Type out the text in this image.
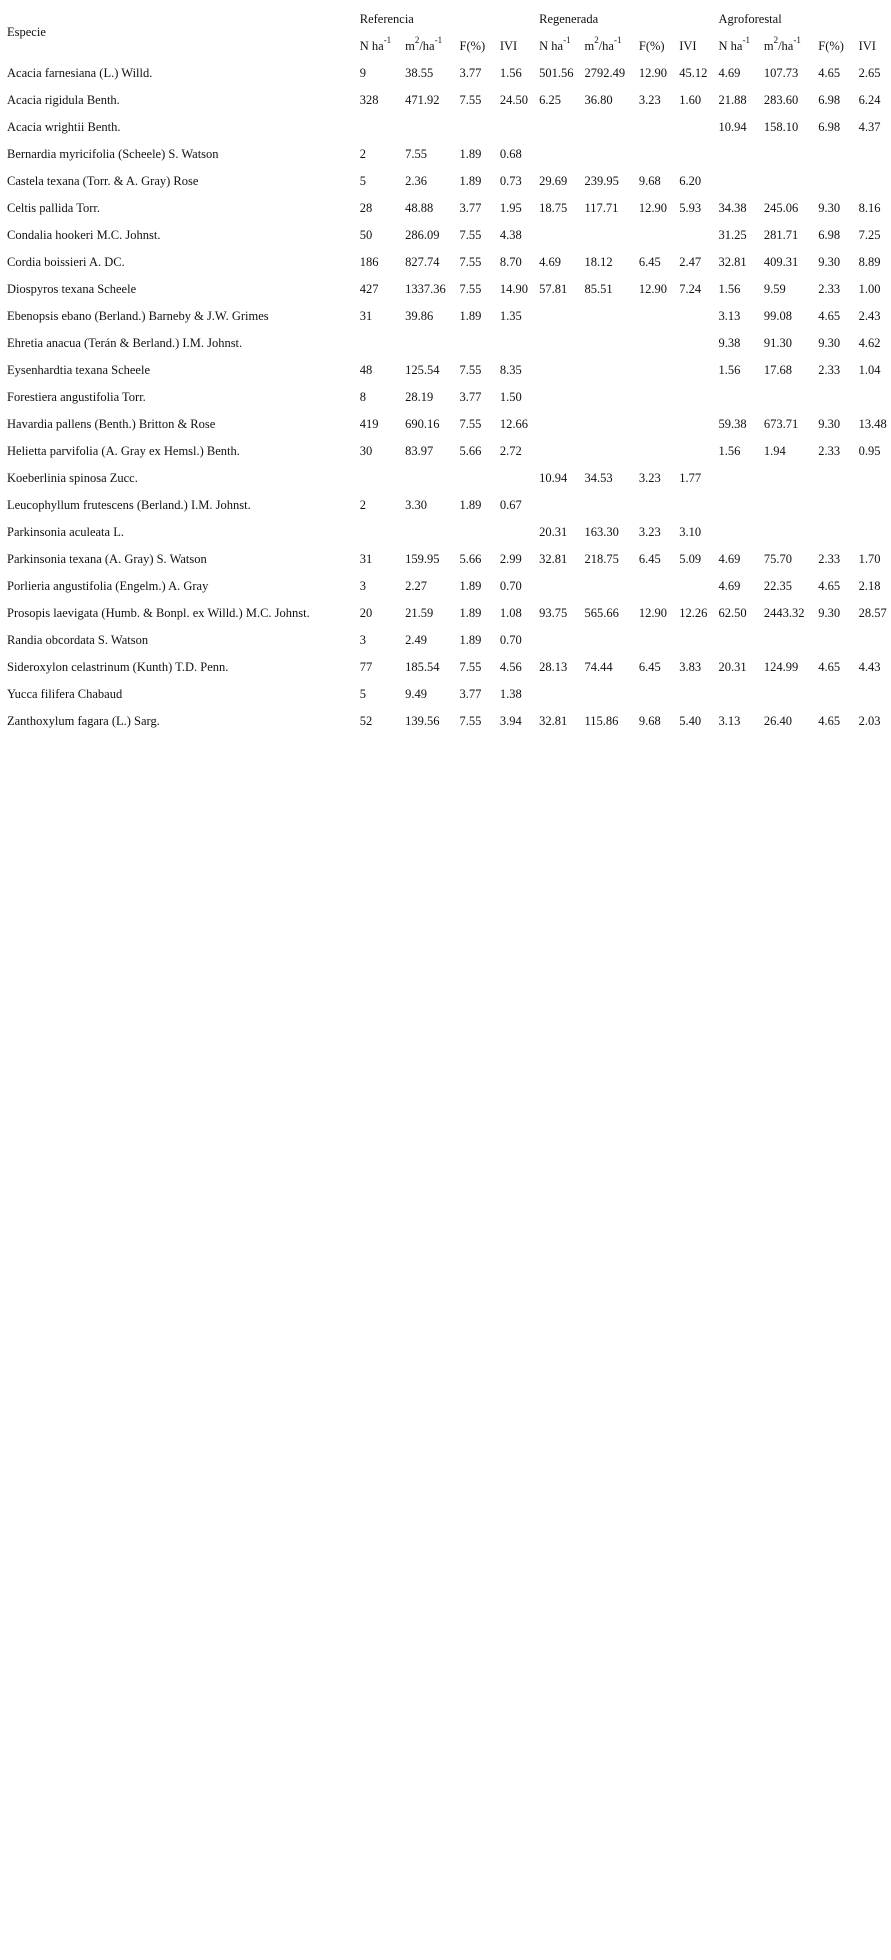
Especie	Referencia				Regenerada				Agroforestal			
	N $ha^{-1}$	$m^2/ha^{-1}$	F(%)	IVI	N $ha^{-1}$	$m^2/ha^{-1}$	F(%)	IVI	N $ha^{-1}$	$m^2/ha^{-1}$	F(%)	IVI
Acacia farnesiana (L.) Willd.	9	38.55	3.77	1.56	501.56	2792.49	12.90	45.12	4.69	107.73	4.65	2.65
Acacia rigidula Benth.	328	471.92	7.55	24.50	6.25	36.80	3.23	1.60	21.88	283.60	6.98	6.24
Acacia wrightii Benth.									10.94	158.10	6.98	4.37
Bernardia myricifolia (Scheele) S. Watson	2	7.55	1.89	0.68								
Castela texana (Torr. & A. Gray) Rose	5	2.36	1.89	0.73	29.69	239.95	9.68	6.20				
Celtis pallida Torr.	28	48.88	3.77	1.95	18.75	117.71	12.90	5.93	34.38	245.06	9.30	8.16
Condalia hookeri M.C. Johnst.	50	286.09	7.55	4.38					31.25	281.71	6.98	7.25
Cordia boissieri A. DC.	186	827.74	7.55	8.70	4.69	18.12	6.45	2.47	32.81	409.31	9.30	8.89
Diospyros texana Scheele	427	1337.36	7.55	14.90	57.81	85.51	12.90	7.24	1.56	9.59	2.33	1.00
Ebenopsis ebano (Berland.) Barneby & J.W. Grimes	31	39.86	1.89	1.35					3.13	99.08	4.65	2.43
Ehretia anacua (Terán & Berland.) I.M. Johnst.									9.38	91.30	9.30	4.62
Eysenhardtia texana Scheele	48	125.54	7.55	8.35					1.56	17.68	2.33	1.04
Forestiera angustifolia Torr.	8	28.19	3.77	1.50								
Havardia pallens (Benth.) Britton & Rose	419	690.16	7.55	12.66					59.38	673.71	9.30	13.48
Helietta parvifolia (A. Gray ex Hemsl.) Benth.	30	83.97	5.66	2.72					1.56	1.94	2.33	0.95
Koeberlinia spinosa Zucc.					10.94	34.53	3.23	1.77				
Leucophyllum frutescens (Berland.) I.M. Johnst.	2	3.30	1.89	0.67								
Parkinsonia aculeata L.					20.31	163.30	3.23	3.10				
Parkinsonia texana (A. Gray) S. Watson	31	159.95	5.66	2.99	32.81	218.75	6.45	5.09	4.69	75.70	2.33	1.70
Porlieria angustifolia (Engelm.) A. Gray	3	2.27	1.89	0.70					4.69	22.35	4.65	2.18
Prosopis laevigata (Humb. & Bonpl. ex Willd.) M.C. Johnst.	20	21.59	1.89	1.08	93.75	565.66	12.90	12.26	62.50	2443.32	9.30	28.57
Randia obcordata S. Watson	3	2.49	1.89	0.70								
Sideroxylon celastrinum (Kunth) T.D. Penn.	77	185.54	7.55	4.56	28.13	74.44	6.45	3.83	20.31	124.99	4.65	4.43
Yucca filifera Chabaud	5	9.49	3.77	1.38								
Zanthoxylum fagara (L.) Sarg.	52	139.56	7.55	3.94	32.81	115.86	9.68	5.40	3.13	26.40	4.65	2.03
